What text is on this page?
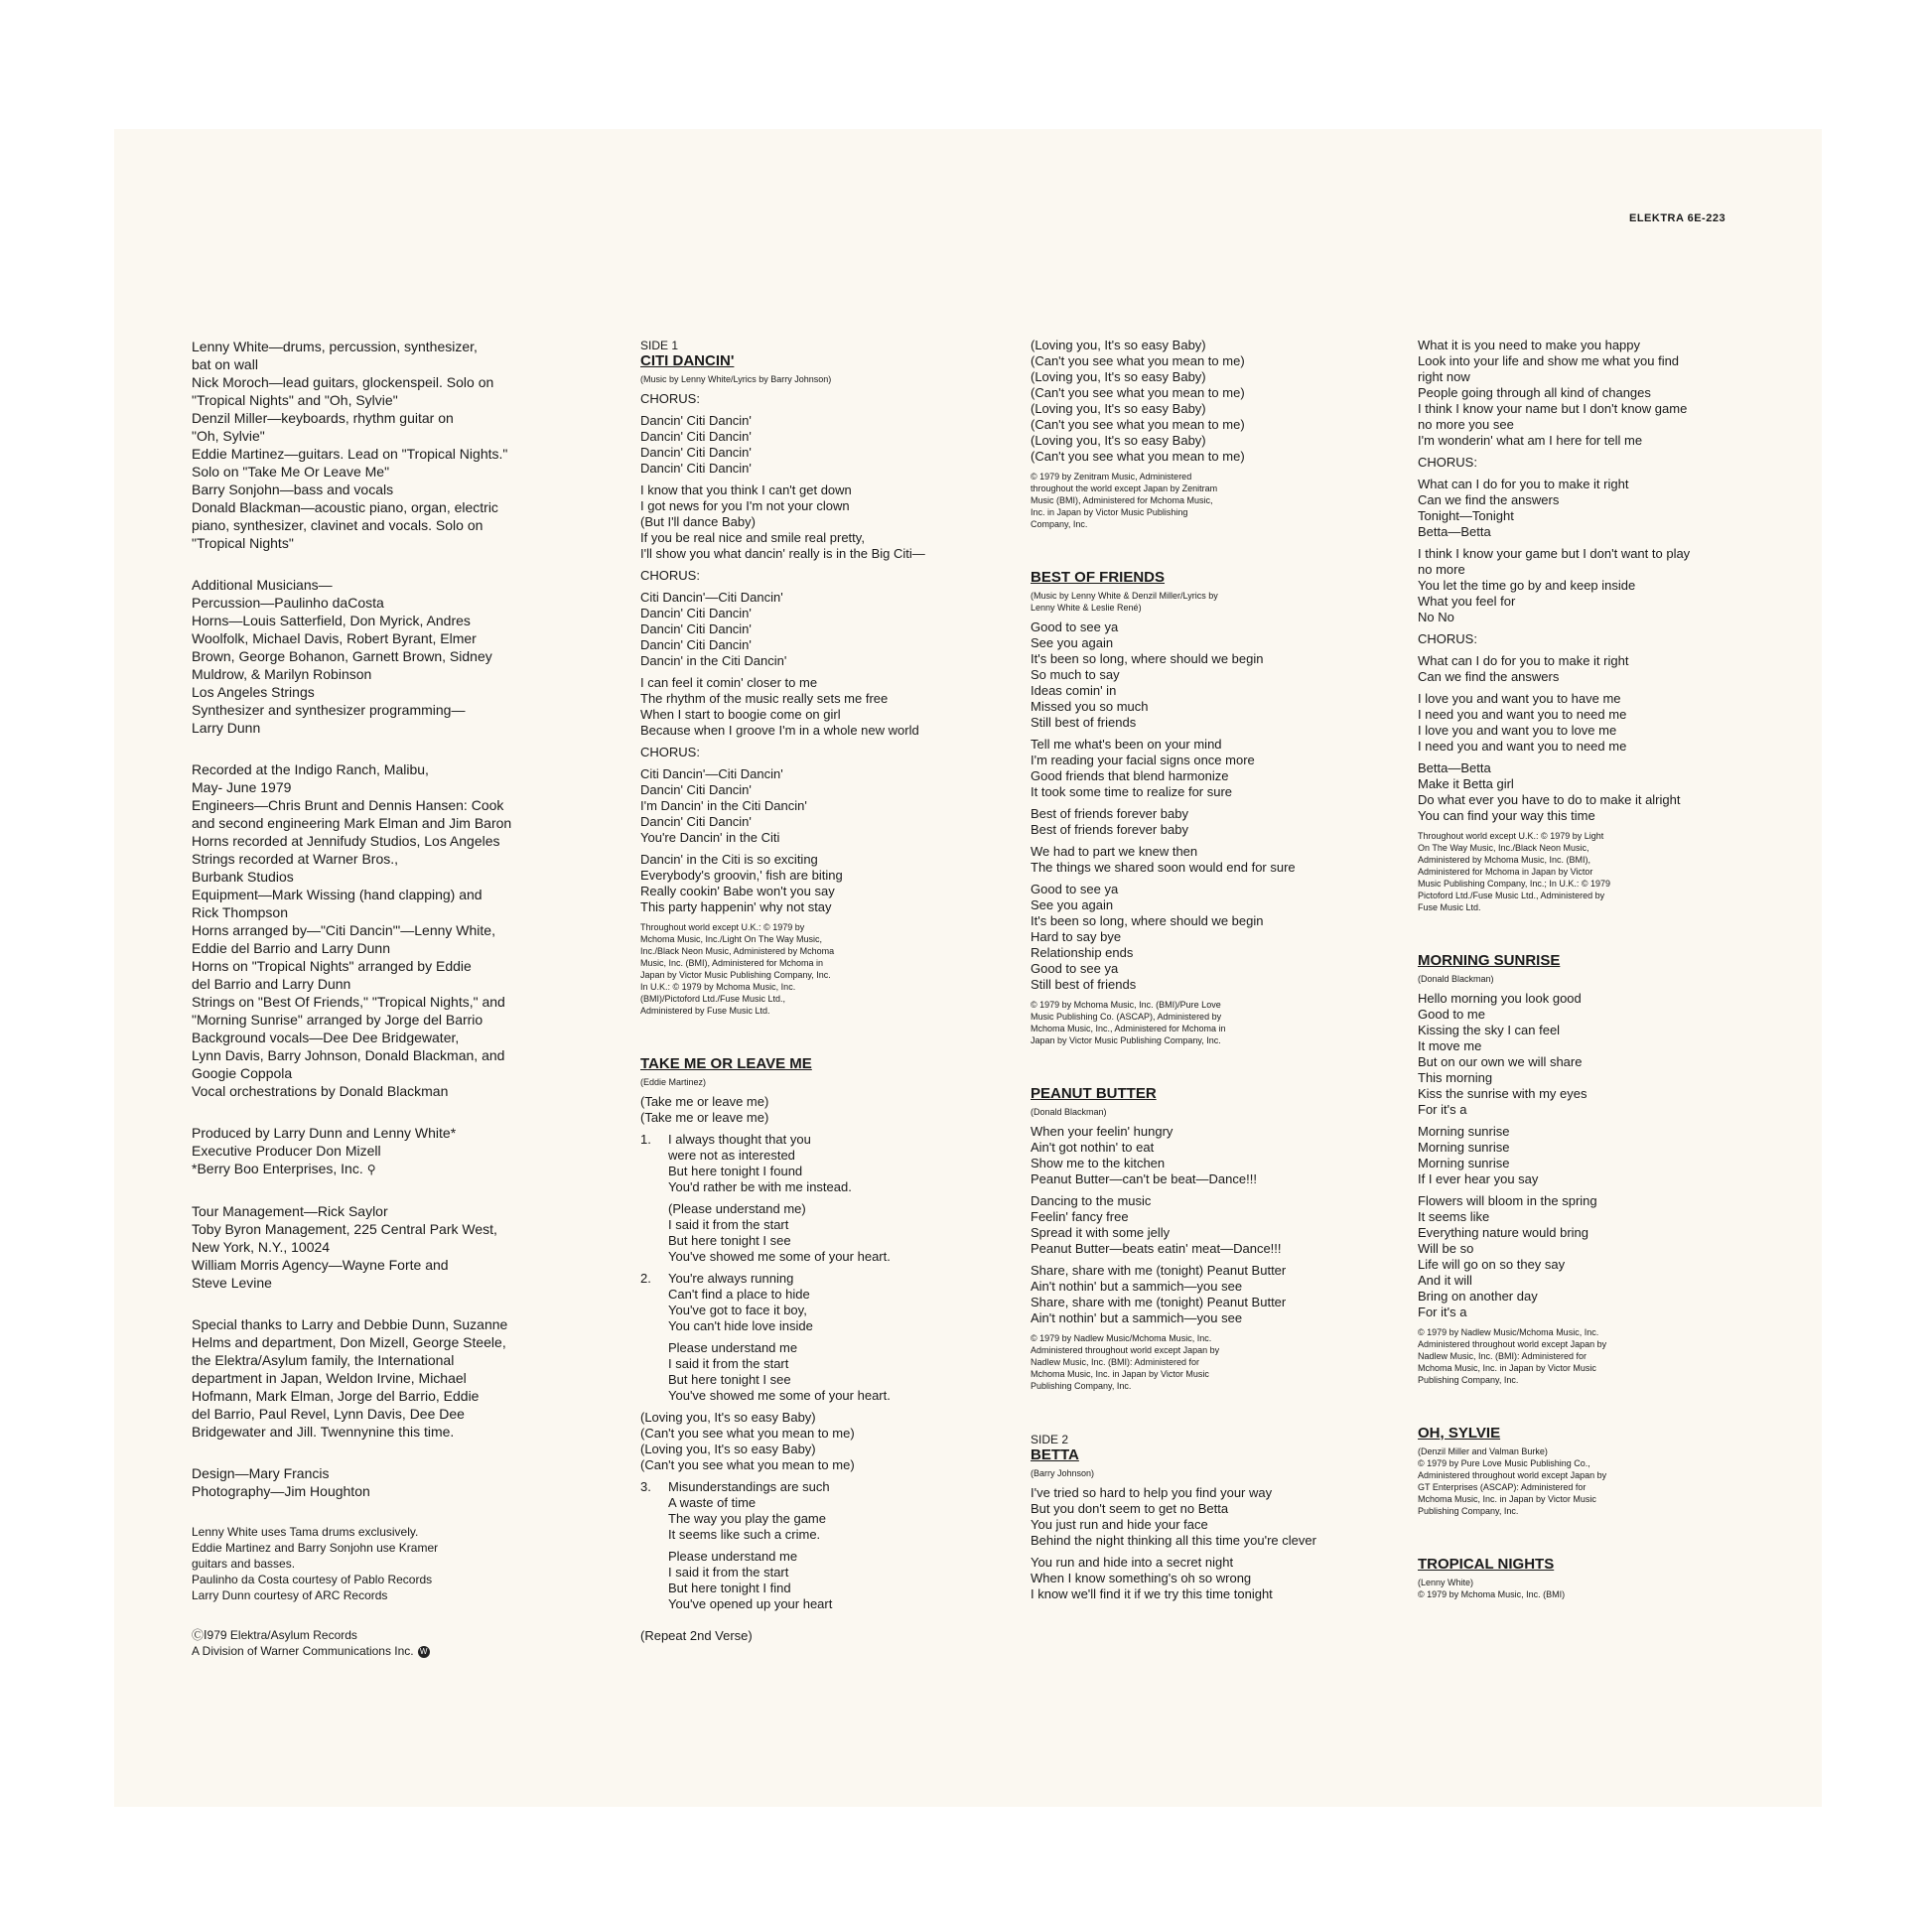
ELEKTRA 6E-223
Lenny White—drums, percussion, synthesizer,
bat on wall
Nick Moroch—lead guitars, glockenspeil. Solo on
"Tropical Nights" and "Oh, Sylvie"
Denzil Miller—keyboards, rhythm guitar on
"Oh, Sylvie"
Eddie Martinez—guitars. Lead on "Tropical Nights."
Solo on "Take Me Or Leave Me"
Barry Sonjohn—bass and vocals
Donald Blackman—acoustic piano, organ, electric
piano, synthesizer, clavinet and vocals. Solo on
"Tropical Nights"
Additional Musicians—
Percussion—Paulinho daCosta
Horns—Louis Satterfield, Don Myrick, Andres
Woolfolk, Michael Davis, Robert Byrant, Elmer
Brown, George Bohanon, Garnett Brown, Sidney
Muldrow, & Marilyn Robinson
Los Angeles Strings
Synthesizer and synthesizer programming—
Larry Dunn
Recorded at the Indigo Ranch, Malibu,
May- June 1979
Engineers—Chris Brunt and Dennis Hansen: Cook
and second engineering Mark Elman and Jim Baron
Horns recorded at Jennifudy Studios, Los Angeles
Strings recorded at Warner Bros.,
Burbank Studios
Equipment—Mark Wissing (hand clapping) and
Rick Thompson
Horns arranged by—"Citi Dancin'"—Lenny White,
Eddie del Barrio and Larry Dunn
Horns on "Tropical Nights" arranged by Eddie
del Barrio and Larry Dunn
Strings on "Best Of Friends," "Tropical Nights," and
"Morning Sunrise" arranged by Jorge del Barrio
Background vocals—Dee Dee Bridgewater,
Lynn Davis, Barry Johnson, Donald Blackman, and
Googie Coppola
Vocal orchestrations by Donald Blackman
Produced by Larry Dunn and Lenny White*
Executive Producer Don Mizell
*Berry Boo Enterprises, Inc. ⚲
Tour Management—Rick Saylor
Toby Byron Management, 225 Central Park West,
New York, N.Y., 10024
William Morris Agency—Wayne Forte and
Steve Levine
Special thanks to Larry and Debbie Dunn, Suzanne
Helms and department, Don Mizell, George Steele,
the Elektra/Asylum family, the International
department in Japan, Weldon Irvine, Michael
Hofmann, Mark Elman, Jorge del Barrio, Eddie
del Barrio, Paul Revel, Lynn Davis, Dee Dee
Bridgewater and Jill. Twennynine this time.
Design—Mary Francis
Photography—Jim Houghton
Lenny White uses Tama drums exclusively.
Eddie Martinez and Barry Sonjohn use Kramer
guitars and basses.
Paulinho da Costa courtesy of Pablo Records
Larry Dunn courtesy of ARC Records
ⒸⅠ979 Elektra/Asylum Records
A Division of Warner Communications Inc. W
SIDE 1
CITI DANCIN'
(Music by Lenny White/Lyrics by Barry Johnson)
CHORUS:
Dancin' Citi Dancin'
Dancin' Citi Dancin'
Dancin' Citi Dancin'
Dancin' Citi Dancin'
I know that you think I can't get down
I got news for you I'm not your clown
(But I'll dance Baby)
If you be real nice and smile real pretty,
I'll show you what dancin' really is in the Big Citi—
CHORUS:
Citi Dancin'—Citi Dancin'
Dancin' Citi Dancin'
Dancin' Citi Dancin'
Dancin' Citi Dancin'
Dancin' in the Citi Dancin'
I can feel it comin' closer to me
The rhythm of the music really sets me free
When I start to boogie come on girl
Because when I groove I'm in a whole new world
CHORUS:
Citi Dancin'—Citi Dancin'
Dancin' Citi Dancin'
I'm Dancin' in the Citi Dancin'
Dancin' Citi Dancin'
You're Dancin' in the Citi
Dancin' in the Citi is so exciting
Everybody's groovin,' fish are biting
Really cookin' Babe won't you say
This party happenin' why not stay
Throughout world except U.K.: © 1979 by
Mchoma Music, Inc./Light On The Way Music,
Inc./Black Neon Music, Administered by Mchoma
Music, Inc. (BMI), Administered for Mchoma in
Japan by Victor Music Publishing Company, Inc.
In U.K.: © 1979 by Mchoma Music, Inc.
(BMI)/Pictoford Ltd./Fuse Music Ltd.,
Administered by Fuse Music Ltd.
TAKE ME OR LEAVE ME
(Eddie Martinez)
(Take me or leave me)
(Take me or leave me)
1. I always thought that you
were not as interested
But here tonight I found
You'd rather be with me instead.
(Please understand me)
I said it from the start
But here tonight I see
You've showed me some of your heart.
2. You're always running
Can't find a place to hide
You've got to face it boy,
You can't hide love inside
Please understand me
I said it from the start
But here tonight I see
You've showed me some of your heart.
(Loving you, It's so easy Baby)
(Can't you see what you mean to me)
(Loving you, It's so easy Baby)
(Can't you see what you mean to me)
3. Misunderstandings are such
A waste of time
The way you play the game
It seems like such a crime.
Please understand me
I said it from the start
But here tonight I find
You've opened up your heart
(Repeat 2nd Verse)
(Loving you, It's so easy Baby)
(Can't you see what you mean to me)
(Loving you, It's so easy Baby)
(Can't you see what you mean to me)
(Loving you, It's so easy Baby)
(Can't you see what you mean to me)
(Loving you, It's so easy Baby)
(Can't you see what you mean to me)
© 1979 by Zenitram Music, Administered
throughout the world except Japan by Zenitram
Music (BMI), Administered for Mchoma Music,
Inc. in Japan by Victor Music Publishing
Company, Inc.
BEST OF FRIENDS
(Music by Lenny White & Denzil Miller/Lyrics by
Lenny White & Leslie René)
Good to see ya
See you again
It's been so long, where should we begin
So much to say
Ideas comin' in
Missed you so much
Still best of friends
Tell me what's been on your mind
I'm reading your facial signs once more
Good friends that blend harmonize
It took some time to realize for sure
Best of friends forever baby
Best of friends forever baby
We had to part we knew then
The things we shared soon would end for sure
Good to see ya
See you again
It's been so long, where should we begin
Hard to say bye
Relationship ends
Good to see ya
Still best of friends
© 1979 by Mchoma Music, Inc. (BMI)/Pure Love
Music Publishing Co. (ASCAP), Administered by
Mchoma Music, Inc., Administered for Mchoma in
Japan by Victor Music Publishing Company, Inc.
PEANUT BUTTER
(Donald Blackman)
When your feelin' hungry
Ain't got nothin' to eat
Show me to the kitchen
Peanut Butter—can't be beat—Dance!!!
Dancing to the music
Feelin' fancy free
Spread it with some jelly
Peanut Butter—beats eatin' meat—Dance!!!
Share, share with me (tonight) Peanut Butter
Ain't nothin' but a sammich—you see
Share, share with me (tonight) Peanut Butter
Ain't nothin' but a sammich—you see
© 1979 by Nadlew Music/Mchoma Music, Inc.
Administered throughout world except Japan by
Nadlew Music, Inc. (BMI): Administered for
Mchoma Music, Inc. in Japan by Victor Music
Publishing Company, Inc.
SIDE 2
BETTA
(Barry Johnson)
I've tried so hard to help you find your way
But you don't seem to get no Betta
You just run and hide your face
Behind the night thinking all this time you're clever
You run and hide into a secret night
When I know something's oh so wrong
I know we'll find it if we try this time tonight
What it is you need to make you happy
Look into your life and show me what you find
right now
People going through all kind of changes
I think I know your name but I don't know game
no more you see
I'm wonderin' what am I here for tell me
CHORUS:
What can I do for you to make it right
Can we find the answers
Tonight—Tonight
Betta—Betta
I think I know your game but I don't want to play
no more
You let the time go by and keep inside
What you feel for
No No
CHORUS:
What can I do for you to make it right
Can we find the answers
I love you and want you to have me
I need you and want you to need me
I love you and want you to love me
I need you and want you to need me
Betta—Betta
Make it Betta girl
Do what ever you have to do to make it alright
You can find your way this time
Throughout world except U.K.: © 1979 by Light
On The Way Music, Inc./Black Neon Music,
Administered by Mchoma Music, Inc. (BMI),
Administered for Mchoma in Japan by Victor
Music Publishing Company, Inc.; In U.K.: © 1979
Pictoford Ltd./Fuse Music Ltd., Administered by
Fuse Music Ltd.
MORNING SUNRISE
(Donald Blackman)
Hello morning you look good
Good to me
Kissing the sky I can feel
It move me
But on our own we will share
This morning
Kiss the sunrise with my eyes
For it's a
Morning sunrise
Morning sunrise
Morning sunrise
If I ever hear you say
Flowers will bloom in the spring
It seems like
Everything nature would bring
Will be so
Life will go on so they say
And it will
Bring on another day
For it's a
© 1979 by Nadlew Music/Mchoma Music, Inc.
Administered throughout world except Japan by
Nadlew Music, Inc. (BMI): Administered for
Mchoma Music, Inc. in Japan by Victor Music
Publishing Company, Inc.
OH, SYLVIE
(Denzil Miller and Valman Burke)
© 1979 by Pure Love Music Publishing Co.,
Administered throughout world except Japan by
GT Enterprises (ASCAP): Administered for
Mchoma Music, Inc. in Japan by Victor Music
Publishing Company, Inc.
TROPICAL NIGHTS
(Lenny White)
© 1979 by Mchoma Music, Inc. (BMI)
